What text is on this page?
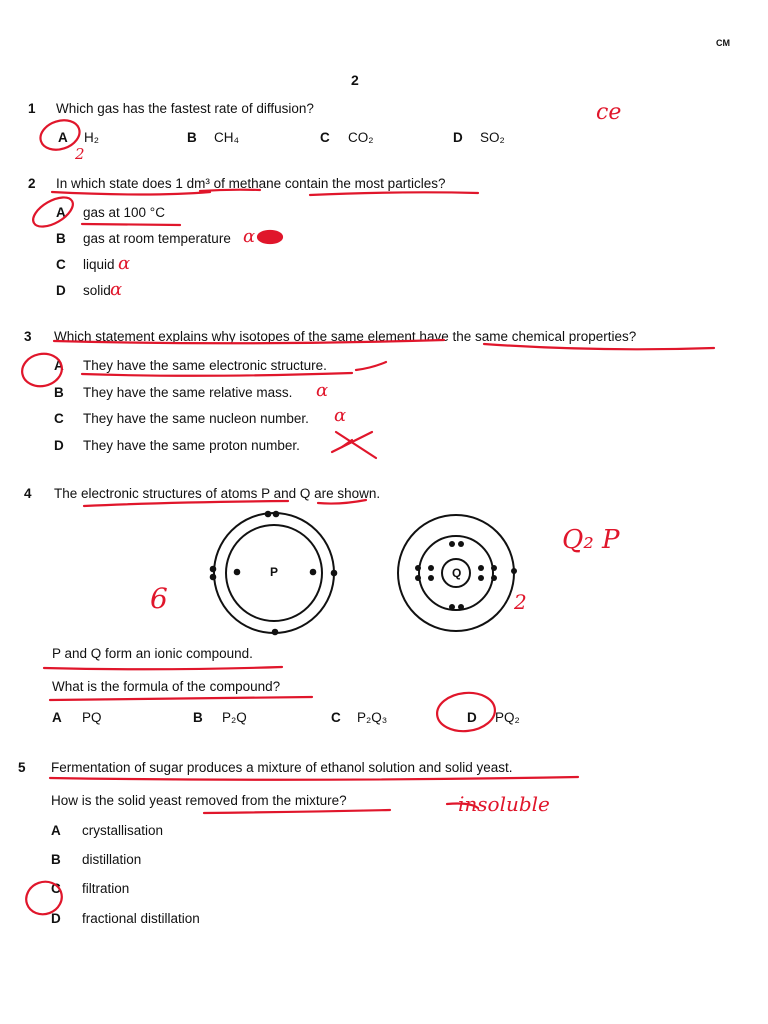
CM
2
1 Which gas has the fastest rate of diffusion?
A H₂	B CH₄	C CO₂	D SO₂
2 In which state does 1 dm³ of methane contain the most particles?
A gas at 100 °C
B gas at room temperature
C liquid
D solid
3 Which statement explains why isotopes of the same element have the same chemical properties?
A They have the same electronic structure.
B They have the same relative mass.
C They have the same nucleon number.
D They have the same proton number.
4 The electronic structures of atoms P and Q are shown.
P	Q
P and Q form an ionic compound.
What is the formula of the compound?
A PQ	B P₂Q	C P₂Q₃	D PQ₂
5 Fermentation of sugar produces a mixture of ethanol solution and solid yeast.
How is the solid yeast removed from the mixture?
A crystallisation
B distillation
C filtration
D fractional distillation
2
ce
α
α
α
α
α
Q₂ P
6	2
insoluble
